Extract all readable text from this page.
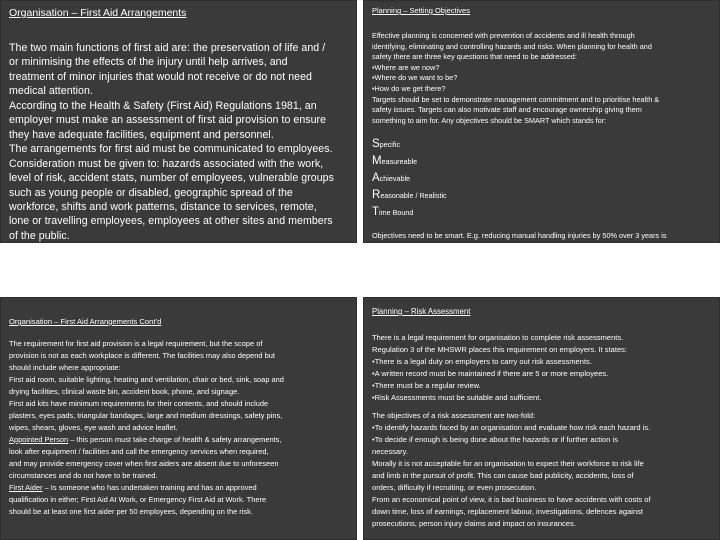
Organisation – First Aid Arrangements
The two main functions of first aid are: the preservation of life and /
or minimising the effects of the injury until help arrives, and
treatment of minor injuries that would not receive or do not need
medical attention.
According to the Health & Safety (First Aid) Regulations 1981, an
employer must make an assessment of first aid provision to ensure
they have adequate facilities, equipment and personnel.
The arrangements for first aid must be communicated to employees.
Consideration must be given to: hazards associated with the work,
level of risk, accident stats, number of employees, vulnerable groups
such as young people or disabled, geographic spread of the
workforce, shifts and work patterns, distance to services, remote,
lone or travelling employees, employees at other sites and members
of the public.
Planning – Setting Objectives
Effective planning is concerned with prevention of accidents and ill health through
identifying, eliminating and controlling hazards and risks. When planning for health and
safety there are three key questions that need to be addressed:
•Where are we now?
•Where do we want to be?
•How do we get there?
Targets should be set to demonstrate management commitment and to prioritise health &
safety issues. Targets can also motivate staff and encourage ownership giving them
something to aim for. Any objectives should be SMART which stands for:
Specific
Measureable
Achievable
Reasonable / Realistic
Time Bound
Objectives need to be smart. E.g. reducing manual handling injuries by 50% over 3 years is
SMART. Setting zero accidents is not.
Organisation – First Aid Arrangements Cont’d
The requirement for first aid provision is a legal requirement, but the scope of
provision is not as each workplace is different. The facilities may also depend but
should include where appropriate:
First aid room, suitable lighting, heating and ventilation, chair or bed, sink, soap and
drying facilities, clinical waste bin, accident book, phone, and signage.
First aid kits have minimum requirements for their contents, and should include
plasters, eyes pads, triangular bandages, large and medium dressings, safety pins,
wipes, shears, gloves, eye wash and advice leaflet.
Appointed Person – this person must take charge of health & safety arrangements,
look after equipment / facilities and call the emergency services when required,
and may provide emergency cover when first aiders are absent due to unforeseen
circumstances and do not have to be trained.
First Aider – Is someone who has undertaken training and has an approved
qualification in either; First Aid At Work, or Emergency First Aid at Work. There
should be at least one first aider per 50 employees, depending on the risk.
Planning – Risk Assessment
There is a legal requirement for organisation to complete risk assessments.
Regulation 3 of the MHSWR places this requirement on employers. It states:
•There is a legal duty on employers to carry out risk assessments.
•A written record must be maintained if there are 5 or more employees.
•There must be a regular review.
•Risk Assessments must be suitable and sufficient.
The objectives of a risk assessment are two-fold:
•To identify hazards faced by an organisation and evaluate how risk each hazard is.
•To decide if enough is being done about the hazards or if further action is
necessary.
Morally it is not acceptable for an organisation to expect their workforce to risk life
and limb in the pursuit of profit. This can cause bad publicity, accidents, loss of
orders, difficulty if recruiting, or even prosecution.
From an economical point of view, it is bad business to have accidents with costs of
down time, loss of earnings, replacement labour, investigations, defences against
prosecutions, person injury claims and impact on insurances.
